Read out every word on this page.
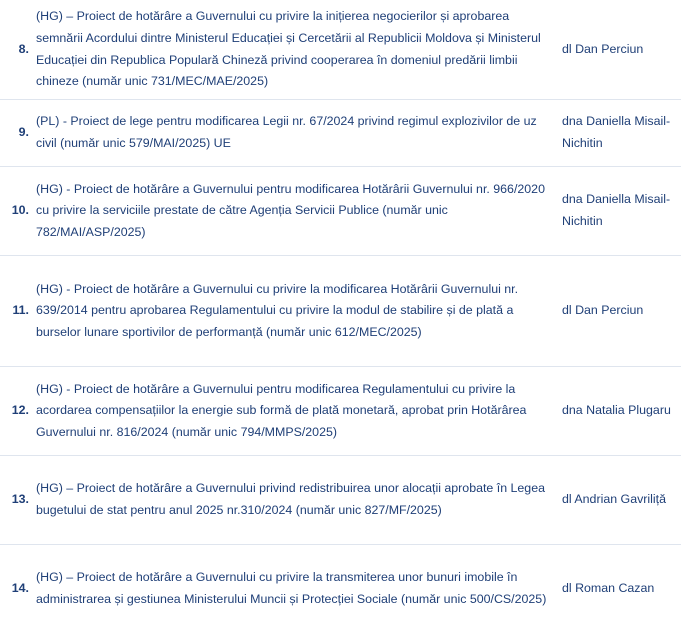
8.	(HG) – Proiect de hotărâre a Guvernului cu privire la inițierea negocierilor și aprobarea semnării Acordului dintre Ministerul Educației și Cercetării al Republicii Moldova și Ministerul Educației din Republica Populară Chineză privind cooperarea în domeniul predării limbii chineze (număr unic 731/MEC/MAE/2025)	dl Dan Perciun
9.	(PL) - Proiect de lege pentru modificarea Legii nr. 67/2024 privind regimul explozivilor de uz civil (număr unic 579/MAI/2025) UE	dna Daniella Misail-Nichitin
10.	(HG) - Proiect de hotărâre a Guvernului pentru modificarea Hotărârii Guvernului nr. 966/2020 cu privire la serviciile prestate de către Agenția Servicii Publice (număr unic 782/MAI/ASP/2025)	dna Daniella Misail-Nichitin
11.	(HG) - Proiect de hotărâre a Guvernului cu privire la modificarea Hotărârii Guvernului nr. 639/2014 pentru aprobarea Regulamentului cu privire la modul de stabilire și de plată a burselor lunare sportivilor de performanță (număr unic 612/MEC/2025)	dl Dan Perciun
12.	(HG) - Proiect de hotărâre a Guvernului pentru modificarea Regulamentului cu privire la acordarea compensațiilor la energie sub formă de plată monetară, aprobat prin Hotărârea Guvernului nr. 816/2024 (număr unic 794/MMPS/2025)	dna Natalia Plugaru
13.	(HG) – Proiect de hotărâre a Guvernului privind redistribuirea unor alocații aprobate în Legea bugetului de stat pentru anul 2025 nr.310/2024 (număr unic 827/MF/2025)	dl Andrian Gavriliță
14.	(HG) – Proiect de hotărâre a Guvernului cu privire la transmiterea unor bunuri imobile în administrarea și gestiunea Ministerului Muncii și Protecției Sociale (număr unic 500/CS/2025)	dl Roman Cazan
